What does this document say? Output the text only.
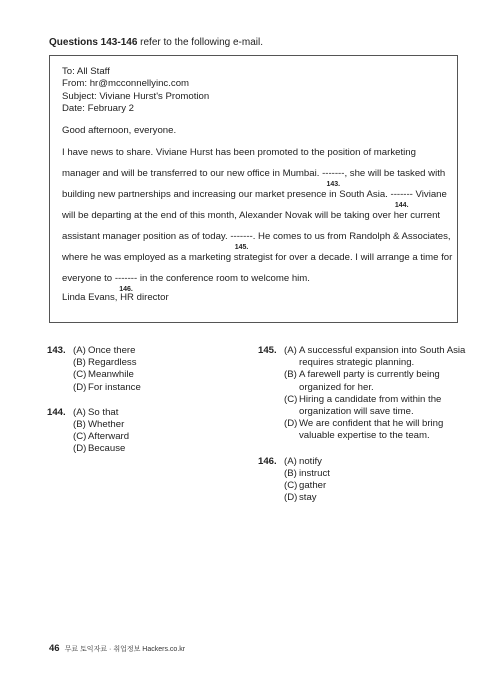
Questions 143-146 refer to the following e-mail.
To: All Staff
From: hr@mcconnellyinc.com
Subject: Viviane Hurst's Promotion
Date: February 2
Good afternoon, everyone.
I have news to share. Viviane Hurst has been promoted to the position of marketing
manager and will be transferred to our new office in Mumbai. -------
143.
, she will be tasked with
building new partnerships and increasing our market presence in South Asia. -------
144.
Viviane
will be departing at the end of this month, Alexander Novak will be taking over her current
assistant manager position as of today. -------
145.
. He comes to us from Randolph & Associates,
where he was employed as a marketing strategist for over a decade. I will arrange a time for
everyone to -------
146.
in the conference room to welcome him.
Linda Evans, HR director
143. (A) Once there
(B) Regardless
(C) Meanwhile
(D) For instance
144. (A) So that
(B) Whether
(C) Afterward
(D) Because
145. (A) A successful expansion into South Asia requires strategic planning.
(B) A farewell party is currently being organized for her.
(C) Hiring a candidate from within the organization will save time.
(D) We are confident that he will bring valuable expertise to the team.
146. (A) notify
(B) instruct
(C) gather
(D) stay
46 무료 토익자료 · 취업정보 Hackers.co.kr
